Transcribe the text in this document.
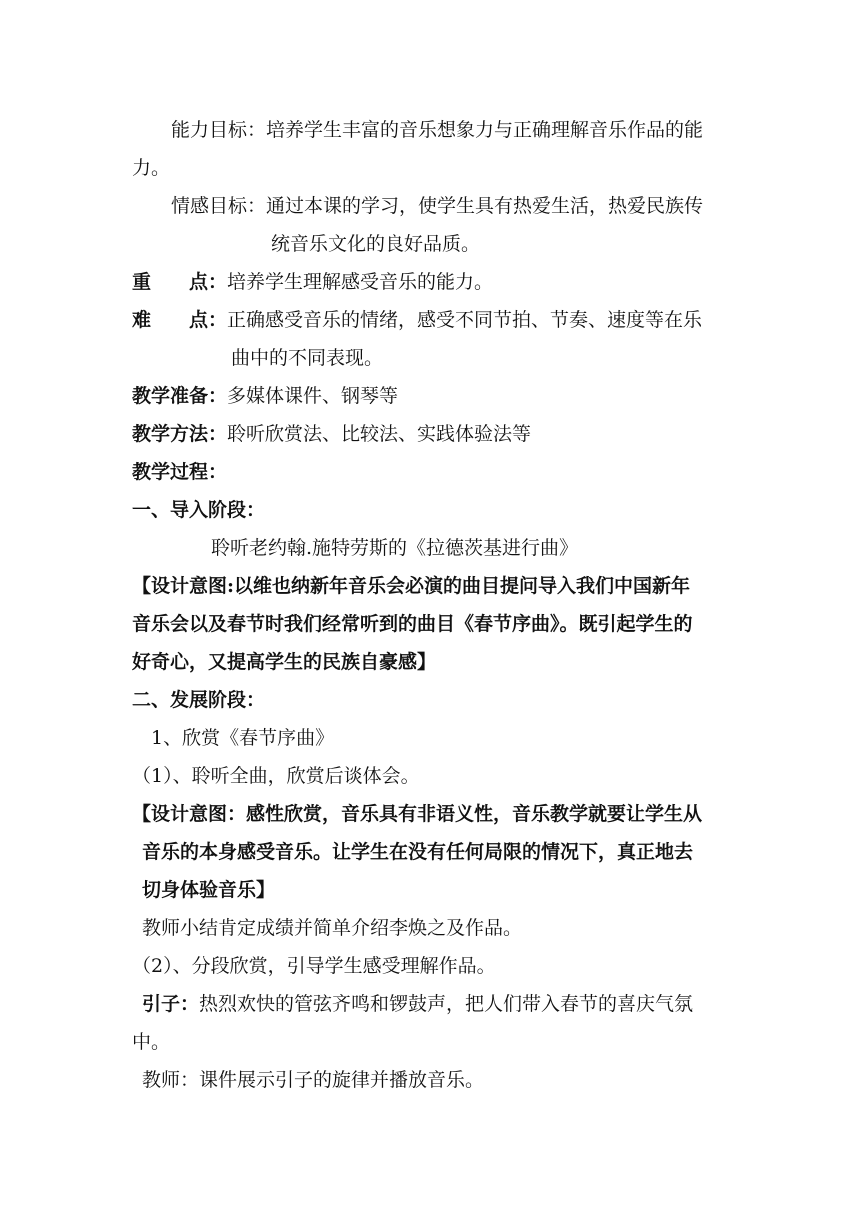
能力目标：培养学生丰富的音乐想象力与正确理解音乐作品的能
力。
情感目标：通过本课的学习，使学生具有热爱生活，热爱民族传
统音乐文化的良好品质。
重　　点：培养学生理解感受音乐的能力。
难　　点：正确感受音乐的情绪，感受不同节拍、节奏、速度等在乐
曲中的不同表现。
教学准备：多媒体课件、钢琴等
教学方法：聆听欣赏法、比较法、实践体验法等
教学过程：
一、导入阶段：
聆听老约翰.施特劳斯的《拉德茨基进行曲》
【设计意图:以维也纳新年音乐会必演的曲目提问导入我们中国新年
音乐会以及春节时我们经常听到的曲目《春节序曲》。既引起学生的
好奇心，又提高学生的民族自豪感】
二、发展阶段：
1、欣赏《春节序曲》
（1）、聆听全曲，欣赏后谈体会。
【设计意图：感性欣赏，音乐具有非语义性，音乐教学就要让学生从
音乐的本身感受音乐。让学生在没有任何局限的情况下，真正地去
切身体验音乐】
教师小结肯定成绩并简单介绍李焕之及作品。
（2）、分段欣赏，引导学生感受理解作品。
引子：热烈欢快的管弦齐鸣和锣鼓声，把人们带入春节的喜庆气氛
中。
教师：课件展示引子的旋律并播放音乐。
